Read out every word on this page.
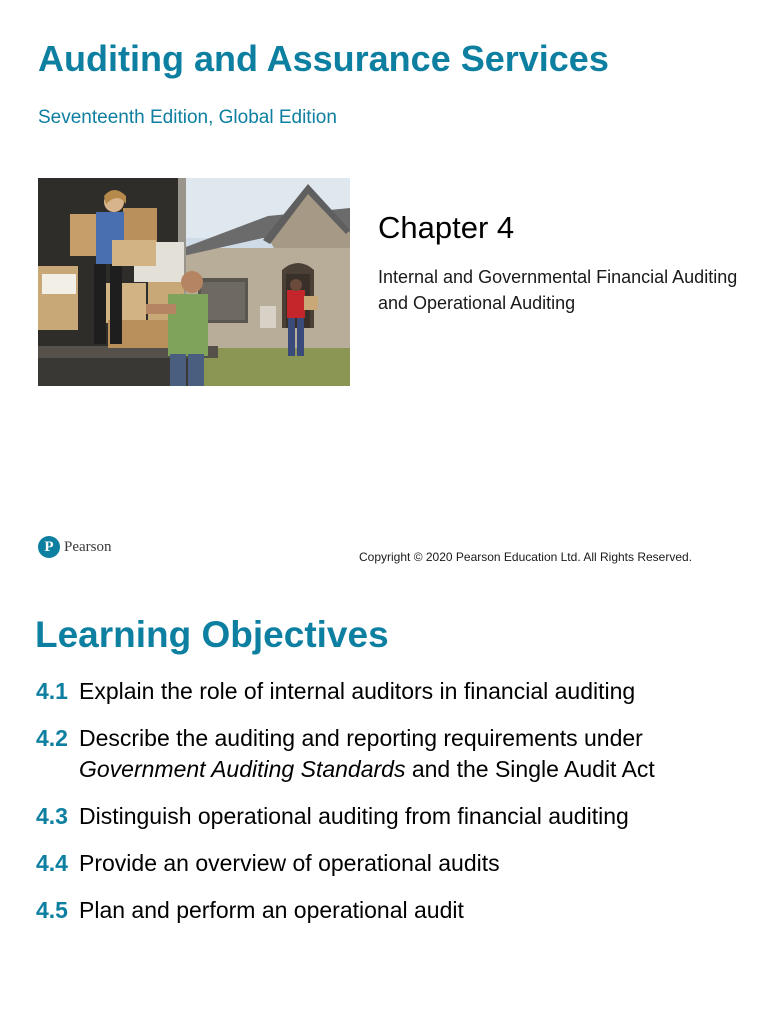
Auditing and Assurance Services
Seventeenth Edition, Global Edition
Chapter 4
Internal and Governmental Financial Auditing and Operational Auditing
P Pearson
Copyright © 2020 Pearson Education Ltd. All Rights Reserved.
Learning Objectives
4.1 Explain the role of internal auditors in financial auditing
4.2 Describe the auditing and reporting requirements under Government Auditing Standards and the Single Audit Act
4.3 Distinguish operational auditing from financial auditing
4.4 Provide an overview of operational audits
4.5 Plan and perform an operational audit
